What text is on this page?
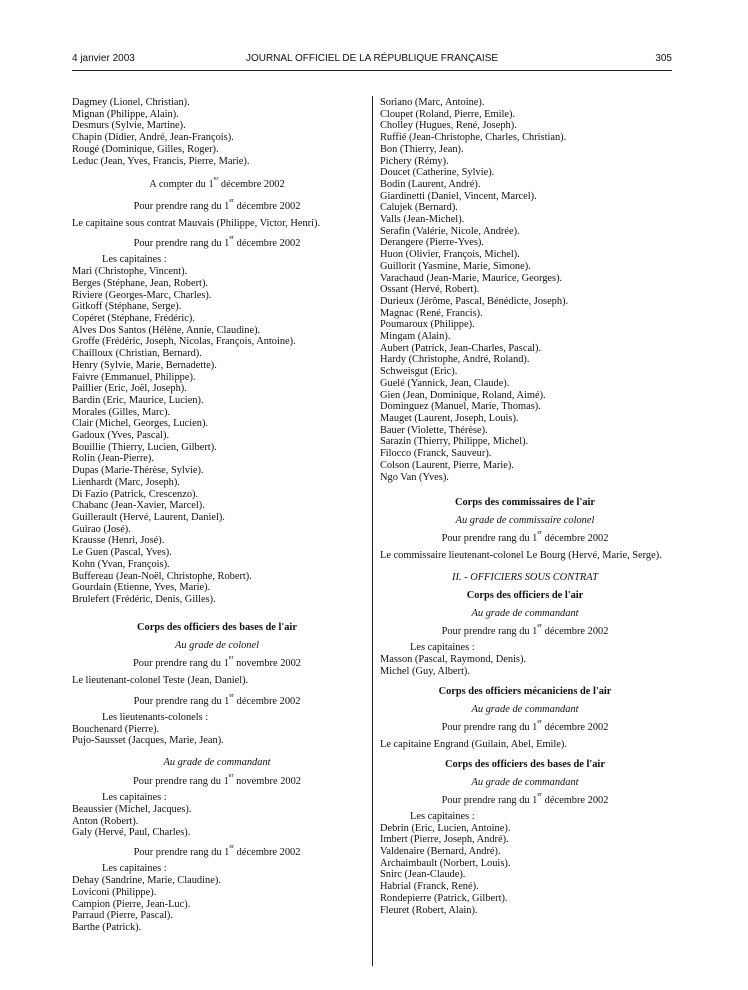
4 janvier 2003	JOURNAL OFFICIEL DE LA RÉPUBLIQUE FRANÇAISE	305
Dagmey (Lionel, Christian).
Mignan (Philippe, Alain).
Desmurs (Sylvie, Martine).
Chapin (Didier, André, Jean-François).
Rougé (Dominique, Gilles, Roger).
Leduc (Jean, Yves, Francis, Pierre, Marie).
A compter du 1er décembre 2002
Pour prendre rang du 1er décembre 2002
Le capitaine sous contrat Mauvais (Philippe, Victor, Henri).
Pour prendre rang du 1er décembre 2002
Les capitaines :
Mari (Christophe, Vincent).
Berges (Stéphane, Jean, Robert).
Riviere (Georges-Marc, Charles).
Gitkoff (Stéphane, Serge).
Copéret (Stéphane, Frédéric).
Alves Dos Santos (Hélène, Annie, Claudine).
Groffe (Frédéric, Joseph, Nicolas, François, Antoine).
Chailloux (Christian, Bernard).
Henry (Sylvie, Marie, Bernadette).
Faivre (Emmanuel, Philippe).
Paillier (Eric, Joël, Joseph).
Bardin (Eric, Maurice, Lucien).
Morales (Gilles, Marc).
Clair (Michel, Georges, Lucien).
Gadoux (Yves, Pascal).
Bouillie (Thierry, Lucien, Gilbert).
Rolin (Jean-Pierre).
Dupas (Marie-Thérèse, Sylvie).
Lienhardt (Marc, Joseph).
Di Fazio (Patrick, Crescenzo).
Chabanc (Jean-Xavier, Marcel).
Guillerault (Hervé, Laurent, Daniel).
Guirao (José).
Krausse (Henri, José).
Le Guen (Pascal, Yves).
Kohn (Yvan, François).
Buffereau (Jean-Noël, Christophe, Robert).
Gourdain (Etienne, Yves, Marie).
Brulefert (Frédéric, Denis, Gilles).
Corps des officiers des bases de l'air
Au grade de colonel
Pour prendre rang du 1er novembre 2002
Le lieutenant-colonel Teste (Jean, Daniel).
Pour prendre rang du 1er décembre 2002
Les lieutenants-colonels :
Bouchenard (Pierre).
Pujo-Sausset (Jacques, Marie, Jean).
Au grade de commandant
Pour prendre rang du 1er novembre 2002
Les capitaines :
Beaussier (Michel, Jacques).
Anton (Robert).
Galy (Hervé, Paul, Charles).
Pour prendre rang du 1er décembre 2002
Les capitaines :
Dehay (Sandrine, Marie, Claudine).
Loviconi (Philippe).
Campion (Pierre, Jean-Luc).
Parraud (Pierre, Pascal).
Barthe (Patrick).
Soriano (Marc, Antoine).
Cloupet (Roland, Pierre, Emile).
Cholley (Hugues, René, Joseph).
Ruffié (Jean-Christophe, Charles, Christian).
Bon (Thierry, Jean).
Pichery (Rémy).
Doucet (Catherine, Sylvie).
Bodin (Laurent, André).
Giardinetti (Daniel, Vincent, Marcel).
Calujek (Bernard).
Valls (Jean-Michel).
Serafin (Valérie, Nicole, Andrée).
Derangere (Pierre-Yves).
Huon (Olivier, François, Michel).
Guillorit (Yasmine, Marie, Simone).
Varachaud (Jean-Marie, Maurice, Georges).
Ossant (Hervé, Robert).
Durieux (Jérôme, Pascal, Bénédicte, Joseph).
Magnac (René, Francis).
Poumaroux (Philippe).
Mingam (Alain).
Aubert (Patrick, Jean-Charles, Pascal).
Hardy (Christophe, André, Roland).
Schweisgut (Eric).
Guelé (Yannick, Jean, Claude).
Gien (Jean, Dominique, Roland, Aimé).
Dominguez (Manuel, Marie, Thomas).
Mauget (Laurent, Joseph, Louis).
Bauer (Violette, Thérèse).
Sarazin (Thierry, Philippe, Michel).
Filocco (Franck, Sauveur).
Colson (Laurent, Pierre, Marie).
Ngo Van (Yves).
Corps des commissaires de l'air
Au grade de commissaire colonel
Pour prendre rang du 1er décembre 2002
Le commissaire lieutenant-colonel Le Bourg (Hervé, Marie, Serge).
II. - OFFICIERS SOUS CONTRAT
Corps des officiers de l'air
Au grade de commandant
Pour prendre rang du 1er décembre 2002
Les capitaines :
Masson (Pascal, Raymond, Denis).
Michel (Guy, Albert).
Corps des officiers mécaniciens de l'air
Au grade de commandant
Pour prendre rang du 1er décembre 2002
Le capitaine Engrand (Guilain, Abel, Emile).
Corps des officiers des bases de l'air
Au grade de commandant
Pour prendre rang du 1er décembre 2002
Les capitaines :
Debrin (Eric, Lucien, Antoine).
Imbert (Pierre, Joseph, André).
Valdenaire (Bernard, André).
Archaimbault (Norbert, Louis).
Snirc (Jean-Claude).
Habrial (Franck, René).
Rondepierre (Patrick, Gilbert).
Fleuret (Robert, Alain).
